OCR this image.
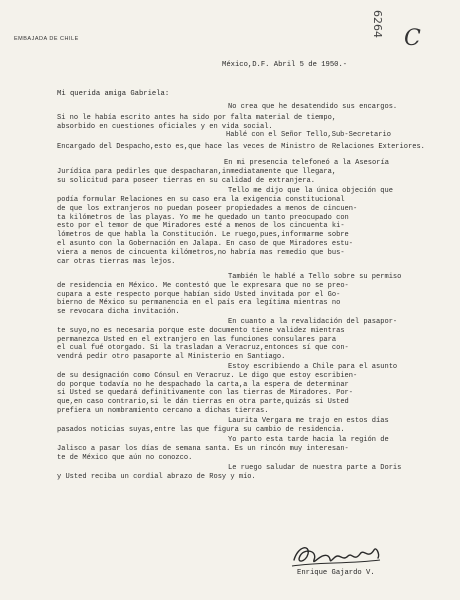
EMBAJADA DE CHILE
6264
C
México,D.F. Abril 5 de 1950.-
Mi querida amiga Gabriela:
No crea que he desatendido sus encargos.
Si no le había escrito antes ha sido por falta material de tiempo,
absorbido en cuestiones oficiales y en vida social.
Hablé con el Señor Tello,Sub-Secretario
Encargado del Despacho,esto es,que hace las veces de Ministro de Relaciones Exteriores.
En mi presencia telefoneó a la Asesoría
Jurídica para pedirles que despacharan,inmediatamente que llegara,
su solicitud para poseer tierras en su calidad de extranjera.
Tello me dijo que la única objeción que
podía formular Relaciones en su caso era la exigencia constitucional
de que los extranjeros no puedan poseer propiedades a menos de cincuen-
ta kilómetros de las playas. Yo me he quedado un tanto preocupado con
esto por el temor de que Miradores esté a menos de los cincuenta ki-
lómetros de que habla la Constitución. Le ruego,pues,informarme sobre
el asunto con la Gobernación en Jalapa. En caso de que Miradores estu-
viera a menos de cincuenta kilómetros,no habría mas remedio que bus-
car otras tierras mas lejos.
También le hablé a Tello sobre su permiso
de residencia en México. Me contestó que le expresara que no se preo-
cupara a este respecto porque habían sido Usted invitada por el Go-
bierno de México su permanencia en el país era legítima mientras no
se revocara dicha invitación.
En cuanto a la revalidación del pasapor-
te suyo,no es necesaria porque este documento tiene validez mientras
permanezca Usted en el extranjero en las funciones consulares para
el cual fué otorgado. Si la trasladan a Veracruz,entonces sí que con-
vendrá pedir otro pasaporte al Ministerio en Santiago.
Estoy escribiendo a Chile para el asunto
de su designación como Cónsul en Veracruz. Le digo que estoy escribien-
do porque todavía no he despachado la carta,a la espera de determinar
si Usted se quedará definitivamente con las tierras de Miradores. Por-
que,en caso contrario,si le dán tierras en otra parte,quizás si Usted
prefiera un nombramiento cercano a dichas tierras.
Laurita Vergara me trajo en estos días
pasados noticias suyas,entre las que figura su cambio de residencia.
Yo parto esta tarde hacia la región de
Jalisco a pasar los días de semana santa. Es un rincón muy interesan-
te de México que aún no conozco.
Le ruego saludar de nuestra parte a Doris
y Usted reciba un cordial abrazo de Rosy y mío.
Enrique Gajardo V.
